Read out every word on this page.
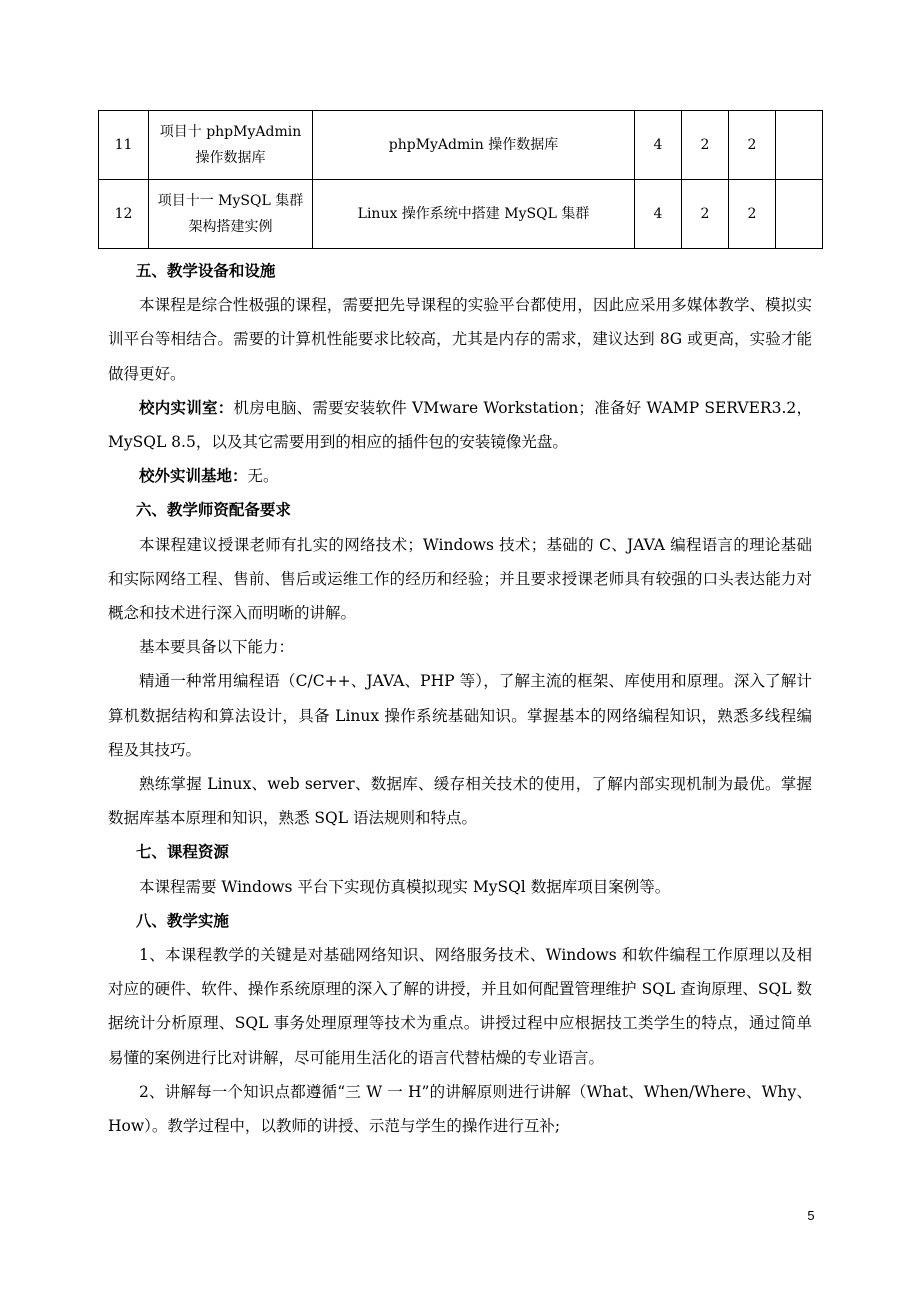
11	项目十 phpMyAdmin 操作数据库	phpMyAdmin 操作数据库	4	2	2	
12	项目十一 MySQL 集群架构搭建实例	Linux 操作系统中搭建 MySQL 集群	4	2	2	

五、教学设备和设施

本课程是综合性极强的课程，需要把先导课程的实验平台都使用，因此应采用多媒体教学、模拟实训平台等相结合。需要的计算机性能要求比较高，尤其是内存的需求，建议达到 8G 或更高，实验才能做得更好。

校内实训室：机房电脑、需要安装软件 VMware Workstation；准备好 WAMP SERVER3.2，MySQL 8.5，以及其它需要用到的相应的插件包的安装镜像光盘。

校外实训基地：无。

六、教学师资配备要求

本课程建议授课老师有扎实的网络技术；Windows 技术；基础的 C、JAVA 编程语言的理论基础和实际网络工程、售前、售后或运维工作的经历和经验；并且要求授课老师具有较强的口头表达能力对概念和技术进行深入而明晰的讲解。

基本要具备以下能力：

精通一种常用编程语（C/C++、JAVA、PHP 等），了解主流的框架、库使用和原理。深入了解计算机数据结构和算法设计，具备 Linux 操作系统基础知识。掌握基本的网络编程知识，熟悉多线程编程及其技巧。

熟练掌握 Linux、web server、数据库、缓存相关技术的使用，了解内部实现机制为最优。掌握数据库基本原理和知识，熟悉 SQL 语法规则和特点。

七、课程资源

本课程需要 Windows 平台下实现仿真模拟现实 MySQl 数据库项目案例等。

八、教学实施

1、本课程教学的关键是对基础网络知识、网络服务技术、Windows 和软件编程工作原理以及相对应的硬件、软件、操作系统原理的深入了解的讲授，并且如何配置管理维护 SQL 查询原理、SQL 数据统计分析原理、SQL 事务处理原理等技术为重点。讲授过程中应根据技工类学生的特点，通过简单易懂的案例进行比对讲解，尽可能用生活化的语言代替枯燥的专业语言。

2、讲解每一个知识点都遵循“三 W 一 H”的讲解原则进行讲解（What、When/Where、Why、How）。教学过程中，以教师的讲授、示范与学生的操作进行互补;

5
